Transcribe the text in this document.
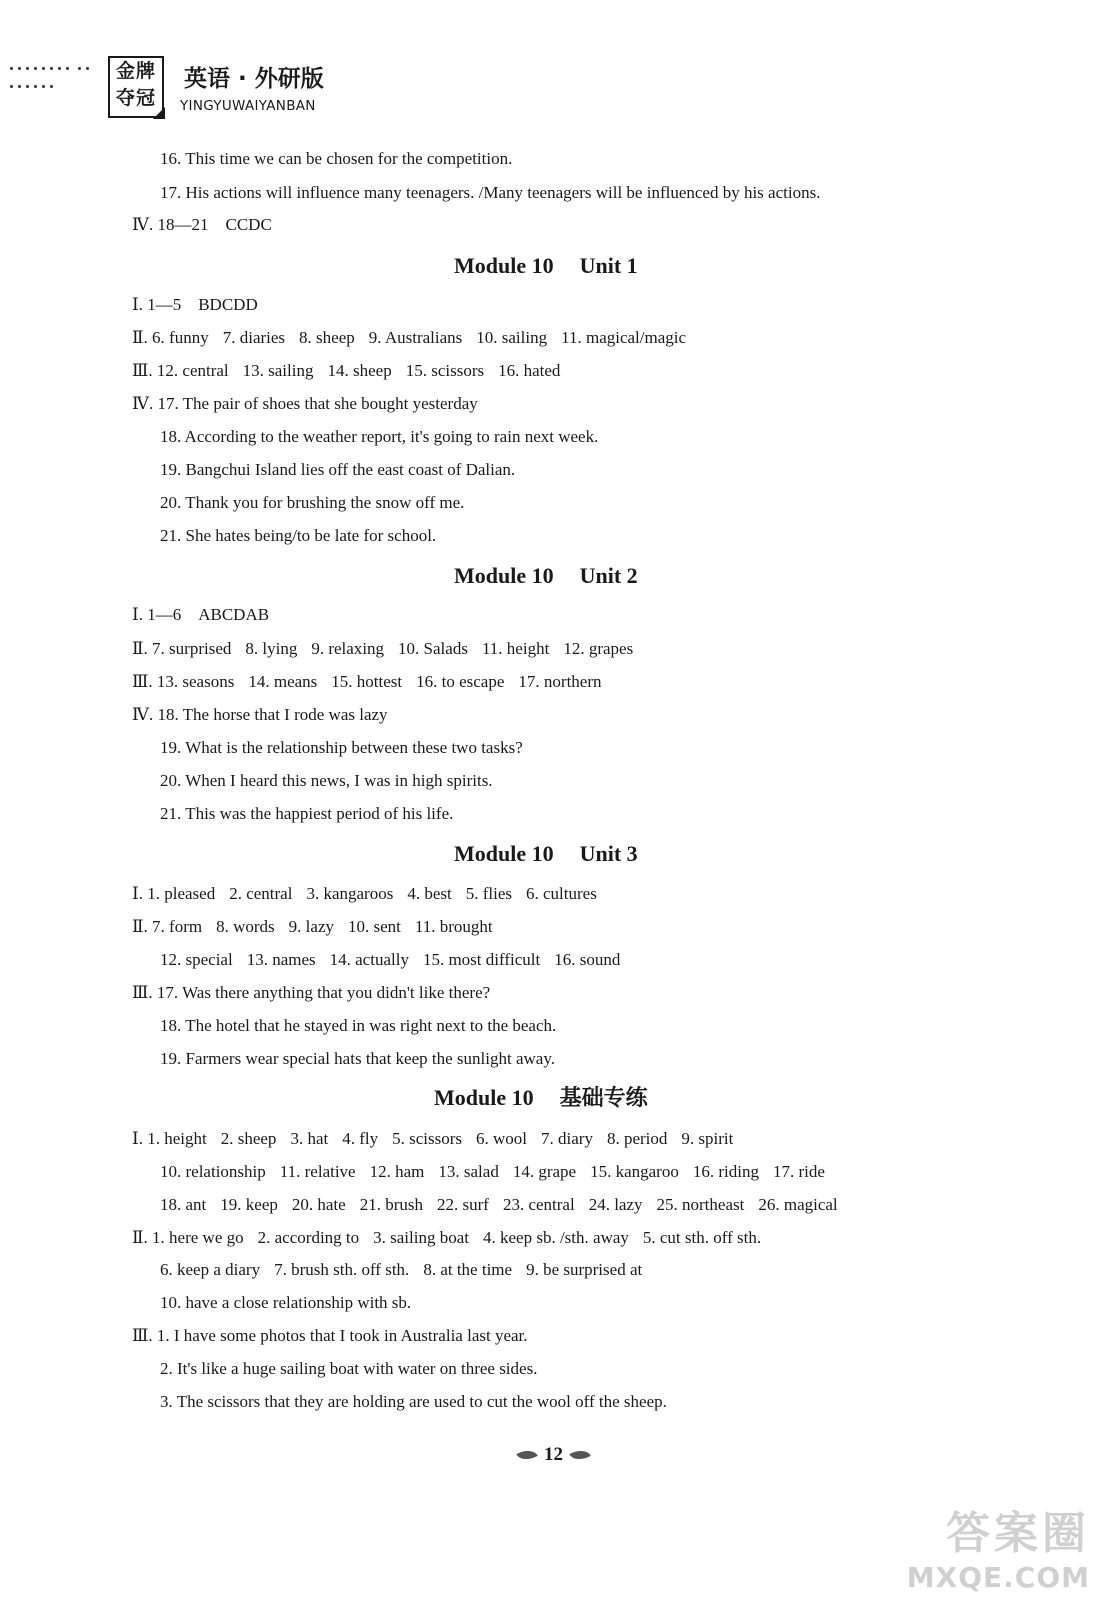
金牌
夺冠
英语 · 外研版
YINGYUWAIYANBAN
16. This time we can be chosen for the competition.
17. His actions will influence many teenagers. /Many teenagers will be influenced by his actions.
Ⅳ. 18—21　CCDC
Module 10 Unit 1
Ⅰ. 1—5　BDCDD
Ⅱ. 6. funny 7. diaries 8. sheep 9. Australians 10. sailing 11. magical/magic
Ⅲ. 12. central 13. sailing 14. sheep 15. scissors 16. hated
Ⅳ. 17. The pair of shoes that she bought yesterday
18. According to the weather report, it's going to rain next week.
19. Bangchui Island lies off the east coast of Dalian.
20. Thank you for brushing the snow off me.
21. She hates being/to be late for school.
Module 10 Unit 2
Ⅰ. 1—6　ABCDAB
Ⅱ. 7. surprised 8. lying 9. relaxing 10. Salads 11. height 12. grapes
Ⅲ. 13. seasons 14. means 15. hottest 16. to escape 17. northern
Ⅳ. 18. The horse that I rode was lazy
19. What is the relationship between these two tasks?
20. When I heard this news, I was in high spirits.
21. This was the happiest period of his life.
Module 10 Unit 3
Ⅰ. 1. pleased 2. central 3. kangaroos 4. best 5. flies 6. cultures
Ⅱ. 7. form 8. words 9. lazy 10. sent 11. brought
12. special 13. names 14. actually 15. most difficult 16. sound
Ⅲ. 17. Was there anything that you didn't like there?
18. The hotel that he stayed in was right next to the beach.
19. Farmers wear special hats that keep the sunlight away.
Module 10 基础专练
Ⅰ. 1. height 2. sheep 3. hat 4. fly 5. scissors 6. wool 7. diary 8. period 9. spirit
10. relationship 11. relative 12. ham 13. salad 14. grape 15. kangaroo 16. riding 17. ride
18. ant 19. keep 20. hate 21. brush 22. surf 23. central 24. lazy 25. northeast 26. magical
Ⅱ. 1. here we go 2. according to 3. sailing boat 4. keep sb. /sth. away 5. cut sth. off sth.
6. keep a diary 7. brush sth. off sth. 8. at the time 9. be surprised at
10. have a close relationship with sb.
Ⅲ. 1. I have some photos that I took in Australia last year.
2. It's like a huge sailing boat with water on three sides.
3. The scissors that they are holding are used to cut the wool off the sheep.
12
答案圈
MXQE.COM
